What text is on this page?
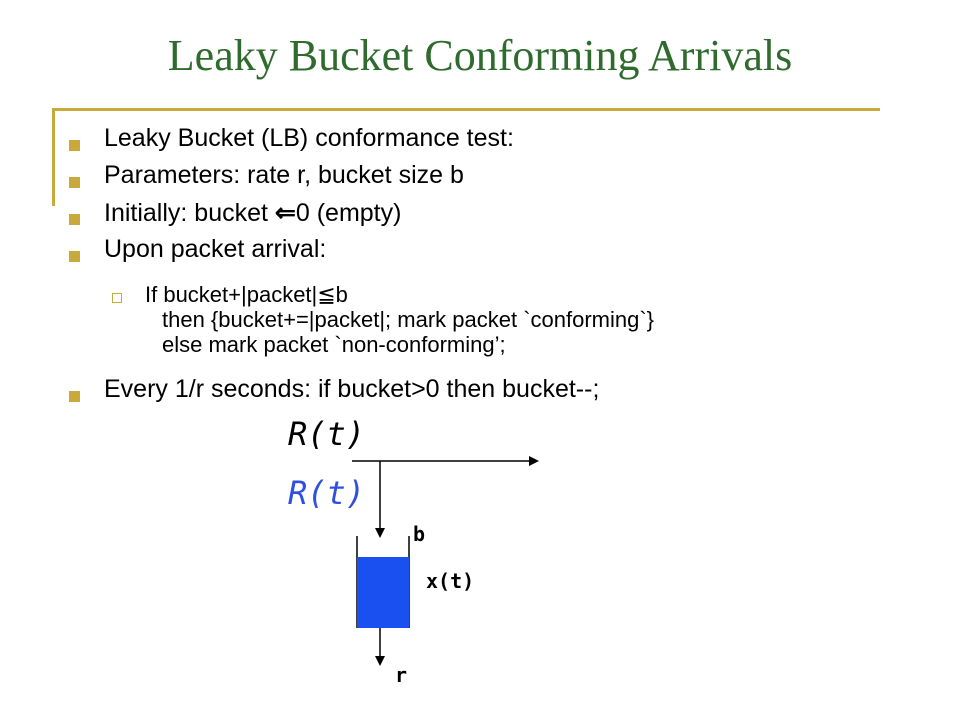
Leaky Bucket Conforming Arrivals
Leaky Bucket (LB) conformance test:
Parameters: rate r, bucket size b
Initially: bucket ⇐0 (empty)
Upon packet arrival:
If bucket+|packet|≦b
then {bucket+=|packet|; mark packet `conforming`}
else mark packet `non-conforming’;
Every 1/r seconds: if bucket>0 then bucket--;
R(t)
R(t)
b
x(t)
r
